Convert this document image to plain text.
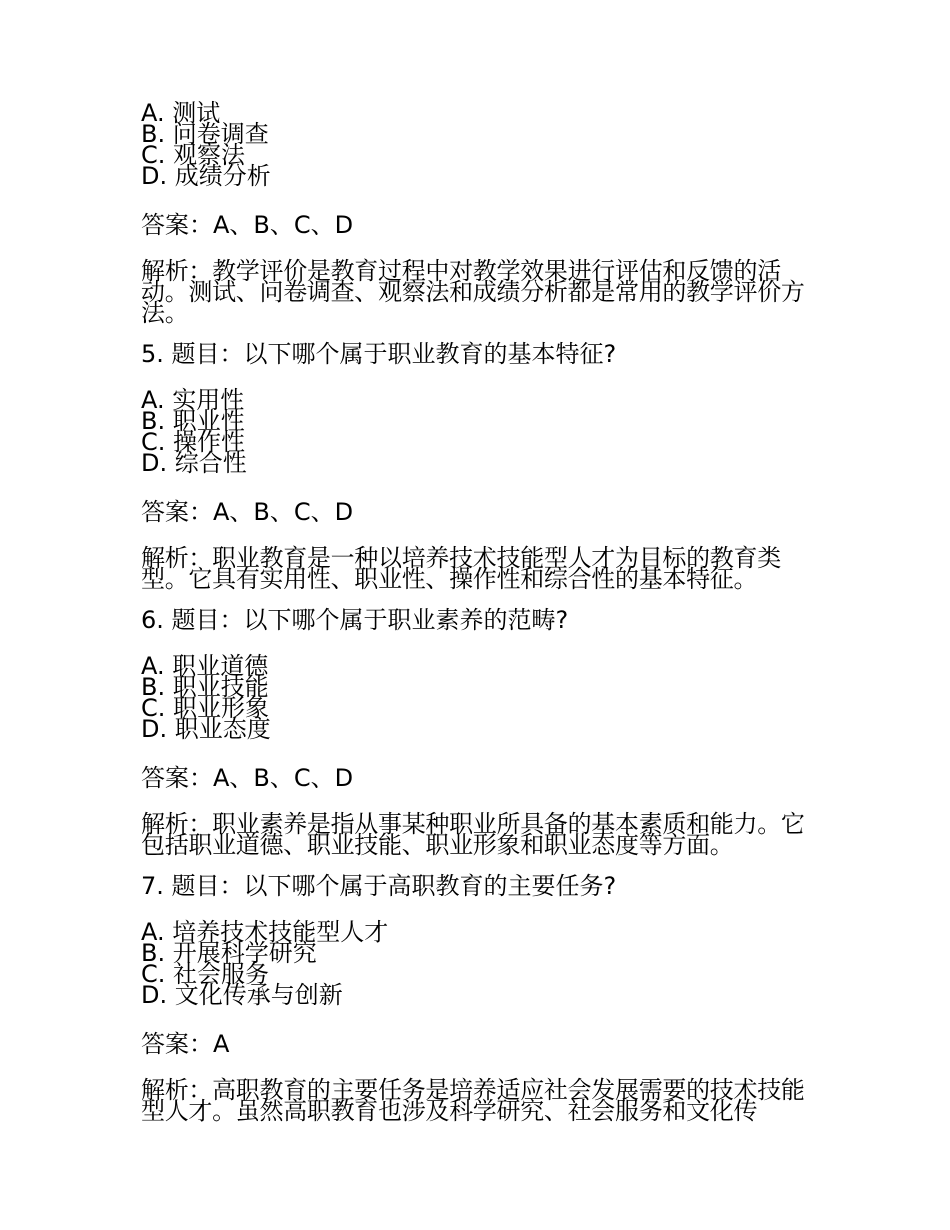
A. 测试
B. 问卷调查
C. 观察法
D. 成绩分析
答案：A、B、C、D
解析：教学评价是教育过程中对教学效果进行评估和反馈的活动。测试、问卷调查、观察法和成绩分析都是常用的教学评价方法。
5. 题目：以下哪个属于职业教育的基本特征?
A. 实用性
B. 职业性
C. 操作性
D. 综合性
答案：A、B、C、D
解析：职业教育是一种以培养技术技能型人才为目标的教育类型。它具有实用性、职业性、操作性和综合性的基本特征。
6. 题目：以下哪个属于职业素养的范畴?
A. 职业道德
B. 职业技能
C. 职业形象
D. 职业态度
答案：A、B、C、D
解析：职业素养是指从事某种职业所具备的基本素质和能力。它包括职业道德、职业技能、职业形象和职业态度等方面。
7. 题目：以下哪个属于高职教育的主要任务?
A. 培养技术技能型人才
B. 开展科学研究
C. 社会服务
D. 文化传承与创新
答案：A
解析：高职教育的主要任务是培养适应社会发展需要的技术技能型人才。虽然高职教育也涉及科学研究、社会服务和文化传
